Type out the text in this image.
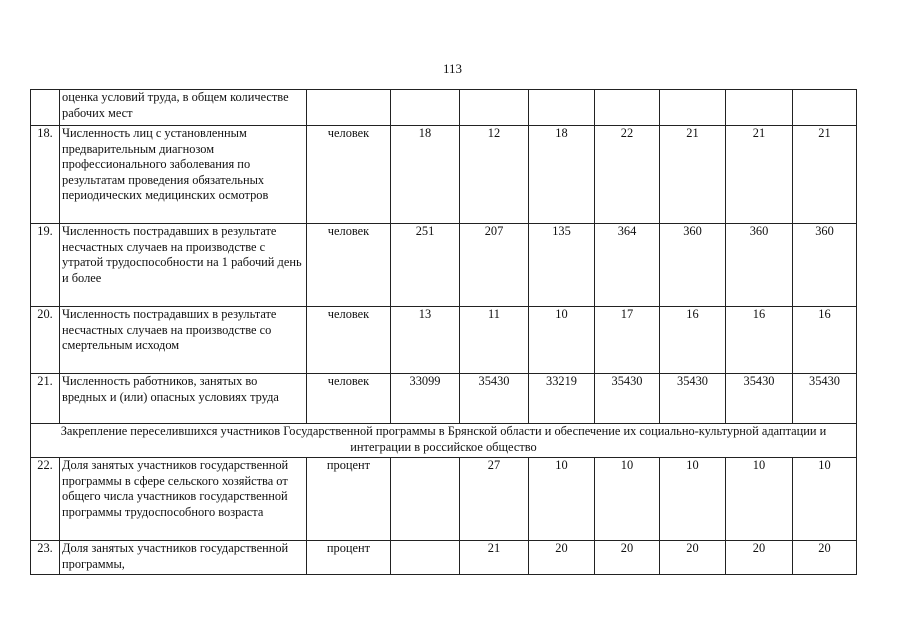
113
	оценка условий труда, в общем количестве рабочих мест								
18.	Численность лиц с установленным предварительным диагнозом профессионального заболевания по результатам проведения обязательных периодических медицинских осмотров	человек	18	12	18	22	21	21	21
19.	Численность пострадавших в результате несчастных случаев на производстве с утратой трудоспособности на 1 рабочий день и более	человек	251	207	135	364	360	360	360
20.	Численность пострадавших в результате несчастных случаев на производстве со смертельным исходом	человек	13	11	10	17	16	16	16
21.	Численность работников, занятых во вредных и (или) опасных условиях труда	человек	33099	35430	33219	35430	35430	35430	35430
Закрепление переселившихся участников Государственной программы в Брянской области и обеспечение их социально-культурной адаптации и интеграции в российское общество									
22.	Доля занятых участников государственной программы в сфере сельского хозяйства от общего числа участников государственной программы трудоспособного возраста	процент		27	10	10	10	10	10
23.	Доля занятых участников государственной программы,	процент		21	20	20	20	20	20
